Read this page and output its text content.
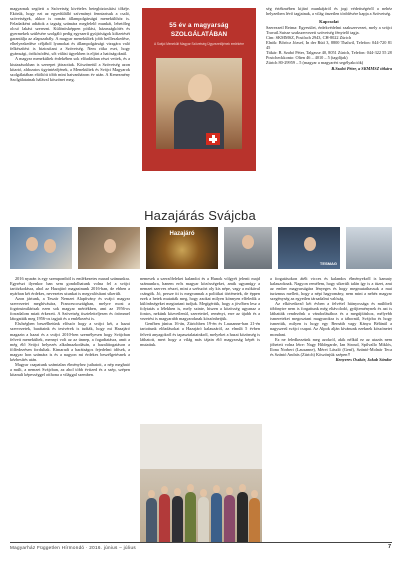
magyarnak segített a Szövetség kivételes betegbiztosítási tőkéje. Ekörük, hogy ezt az egyedülálló szívmányt fenntartsuk a csaló, szövetségek, akkor is román állampolgárságú menekülthöz is. Feladatként adtátok a tagság számára megfelelő munkát, lehetőleg olcsó lakást szerezni. Különösképpen pótlást, házasságkötés és gyermekek szülésére szolgáló pedig egyszerű gyújtóságok kifizetését garantálja az alapszabály. A magyar menekültek jobb beilleszkedése, elhelyezkedése céljából lyamokat és állampolgársági vizsgára való felkészítést is biztosítani a Szövetség. Nem ritka eset, hogy gyámsági, örökösödési, sőt válási ügyekben is eljárt a hatóságoknál.

A magyar menekültek érdekében sok előadásban részt vettek, és a kiutazásokban is szerepet játszottak. Köszönetül a Szövetség azon kitartó, aldozatos ügyintézőjének, a Menekültek és Svájci Magyarok szolgálatában eltöltött több mint hatvanhárom év után. A Kenezmény Szolgálatainak hálával köszönet meg.

55 év a magyarság
SZOLGÁLATÁBAN
A Svájci Menekült Magyar Szövetség Ügyvezetőjének emlékére

ség értékmében kijáró munkájáról és jogi védettségéről a nehéz helyzetben lévő tagjainak, a világ önzetlen törődésére kapja a Szövetség.

Kapcsolat

Szerezzetl Reima: Egyesület, érdekvédelmi szakszervezet, mely a svájci Travail.Suisse szakszervezeti szövetség fénytelő tagja.

Cím: SKMMSZ, Postfach 2943, CH-8022 Zürich

Elnök: Bőröcz József, In der Rütí 3, 8800 Thalwil, Telefon: 044-720 81 45

Titkár: B. Szabó Péter, Talgasse 40, 8051 Zürich, Telefon: 044-322 55 28

Postcheckkonto: Olten 46 – 4010 – 5 (tagdíjak)

Zürich 80-29959 – 5 (magyar a magyarért segélyakciók)

B.Szabó Péter, a SKMMSZ titkára

Hazajárás Svájcba
Hazajáró
TESMAG

2016 nyarán is egy szempontból is emlékezetes marad számunkra. Egyrészt ilyenkor ban sem gondolhatunk volna fel a svájci tartózkodásra, ahol az Hazajáró magazinunk 2016-ban, de ebben a nyárban két érdekes, nevezetes utunkat is megvalósítani sikerült.

Azon jártunk, a Teszár Nemzet Alapítvány és svájci magyar szervezetei meghívására, Francescosztágban, melyre most a fogrinsimilárisak ezen sok magyar mértékben, ami az 1956-os forradalom miatt érkezett. A Szövetség tiszteletteljesen és örömmel látogatták meg 1956-os tagjait és a emlékezést is.

Elsőségben beszélhetünk először hogy a svájci két, a hazai szervezetek, barátaink és testvérek is tudták, hogy mi Hazajáró magazin a hazai és a svájci 2010-ben személyesen hogy Svájcban felvett menekültek, mennyi volt az az ünnep, a fogadtatásra, amit a még élő Svájci helyezés alkalmazkodásán, a hazalátogatáson a fölfedezésen fordultak. Kimaradt a barátságos fejedelmi idősek, a magyar hon számára is és a nagyon mi érdekes beszélgetésnek a kézbesítés után.

Magyar csapatunk számtalan élményhez juthatott, a nép megható a múlt, a nemzet Svájcban, az ahol több évtized és a szép, szépen kitanult képességgel otthona a világgal szemben.

nemesek a szerzőfeleket kalandot és a Hunok völgyét jelenti majd számunkra, hanem erős magyar közösségeket, amik ugyanúgy a nemzet szerves részei, mint a szétszórt oly kis népe, vagy a mókával csángók. Jó, persze itt is megvannak a politikai történetek, de éppen ezek a hetek mutatták meg, hogy azokat milyen könnyen elfeledik a különbségeket megtartani tudjuk. Megígértük, hogy a jövőben lesz a folytatás a lélekben is, mely szinte, hiszen a közösség ugyanaz a fontos, nekünk közvetlenül, szeretettel, reményt, erre az újabb és a vezetést is magyarabb magyaroknak köszönhetjük.

Genfben június 16-án, Zürichben 19-én és Lausanne-ban 21-én tartottunk előadásokat a Hazajáró kalauzáról, az elmúlt 5 évben felvett anyagokról és tapasztalatainkról, melyeket a hazai közönség is láthatott, mert hogy a világ más tájain élő magyarság képét is mutattuk.

a forgatásokon átélt vicces és kalandos élményekről is kamaty kalauzoknak. Nagyon remélem, hogy sikerült talán így is a tüzet, ami az ember magyarságára lényeges és hogy megmutathassuk a mai turizmus mellett, hogy a népi hagyomány, nem mint a nehéz magyar szegénység az egyetlen társadalmi valóság.

Az elkövetkező két évben a felvétel hiányossága és múltbeli többnyire nem is forgattunk még eltávolodó, gyűjteménynek és azt is láthatták rendezőnk a vándorlásához és a megújításhoz, mélyebb ismereteket megosztani magyarokra is a tábornál, Svájcba és hogy ismertük, milyen is hogy egy Bernáth vagy Kánya Bélánál a nagyszerű svájci csapat. Az Alpok alján kívánunk ezeknek köszönetet mondani.

Ez ne feledkezzünk meg azokról, akik nélkül ez az utazás nem jöhetett volna létre: Nagy Hildegarde, Ian Stroud, Spilvallo Miklós, Ilona Norbert (Lausanne), Mérei László (Genf), Szántó-Molnár Teca és Szántó András (Zürich) Köszönjük szépen!!

Kenyeres Oszkár, Jakab Sándor

Magyarház Független Hírmondó · 2016. június – július	7
